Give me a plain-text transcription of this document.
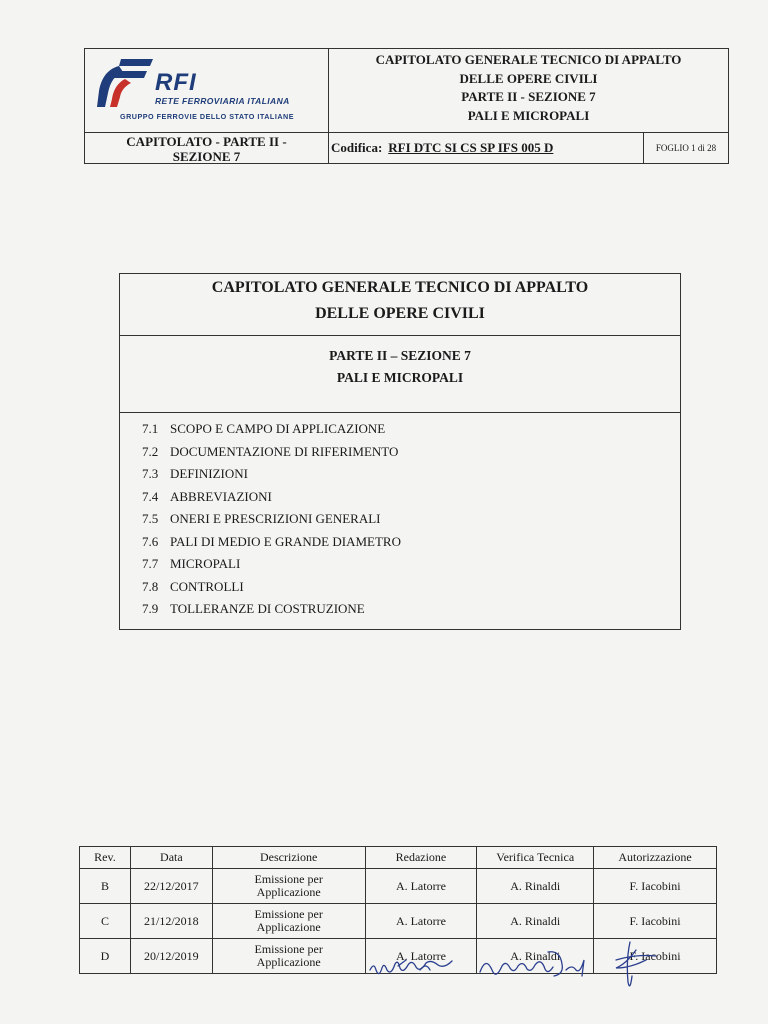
RFI
RETE FERROVIARIA ITALIANA
GRUPPO FERROVIE DELLO STATO ITALIANE
CAPITOLATO GENERALE TECNICO DI APPALTO
DELLE OPERE CIVILI
PARTE II - SEZIONE 7
PALI E MICROPALI
CAPITOLATO - PARTE II -
SEZIONE 7
Codifica: RFI DTC SI CS SP IFS 005 D	FOGLIO 1 di 28
CAPITOLATO GENERALE TECNICO DI APPALTO
DELLE OPERE CIVILI
PARTE II – SEZIONE 7
PALI E MICROPALI
7.1 SCOPO E CAMPO DI APPLICAZIONE
7.2 DOCUMENTAZIONE DI RIFERIMENTO
7.3 DEFINIZIONI
7.4 ABBREVIAZIONI
7.5 ONERI E PRESCRIZIONI GENERALI
7.6 PALI DI MEDIO E GRANDE DIAMETRO
7.7 MICROPALI
7.8 CONTROLLI
7.9 TOLLERANZE DI COSTRUZIONE
Rev.	Data	Descrizione	Redazione	Verifica Tecnica	Autorizzazione
B	22/12/2017	Emissione per
Applicazione	A. Latorre	A. Rinaldi	F. Iacobini
C	21/12/2018	Emissione per
Applicazione	A. Latorre	A. Rinaldi	F. Iacobini
D	20/12/2019	Emissione per
Applicazione	A. Latorre	A. Rinaldi	F. Iacobini
